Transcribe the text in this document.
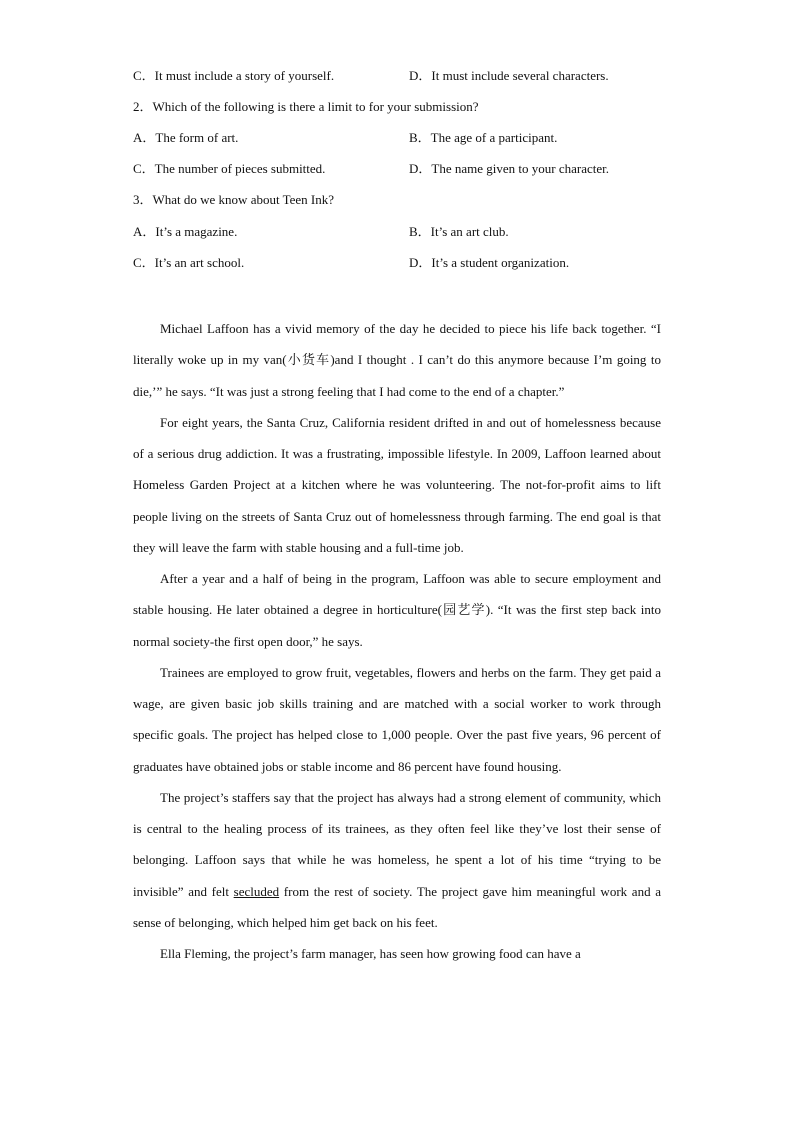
C．It must include a story of yourself.	D．It must include several characters.
2．Which of the following is there a limit to for your submission?
A．The form of art.	B．The age of a participant.
C．The number of pieces submitted.	D．The name given to your character.
3．What do we know about Teen Ink?
A．It’s a magazine.	B．It’s an art club.
C．It’s an art school.	D．It’s a student organization.

Michael Laffoon has a vivid memory of the day he decided to piece his life back together. “I literally woke up in my van(小货车)and I thought . I can’t do this anymore because I’m going to die,’” he says. “It was just a strong feeling that I had come to the end of a chapter.”

For eight years, the Santa Cruz, California resident drifted in and out of homelessness because of a serious drug addiction. It was a frustrating, impossible lifestyle. In 2009, Laffoon learned about Homeless Garden Project at a kitchen where he was volunteering. The not-for-profit aims to lift people living on the streets of Santa Cruz out of homelessness through farming. The end goal is that they will leave the farm with stable housing and a full-time job.

After a year and a half of being in the program, Laffoon was able to secure employment and stable housing. He later obtained a degree in horticulture(园艺学). “It was the first step back into normal society-the first open door,” he says.

Trainees are employed to grow fruit, vegetables, flowers and herbs on the farm. They get paid a wage, are given basic job skills training and are matched with a social worker to work through specific goals. The project has helped close to 1,000 people. Over the past five years, 96 percent of graduates have obtained jobs or stable income and 86 percent have found housing.

The project’s staffers say that the project has always had a strong element of community, which is central to the healing process of its trainees, as they often feel like they’ve lost their sense of belonging. Laffoon says that while he was homeless, he spent a lot of his time “trying to be invisible” and felt secluded from the rest of society. The project gave him meaningful work and a sense of belonging, which helped him get back on his feet.

Ella Fleming, the project’s farm manager, has seen how growing food can have a
